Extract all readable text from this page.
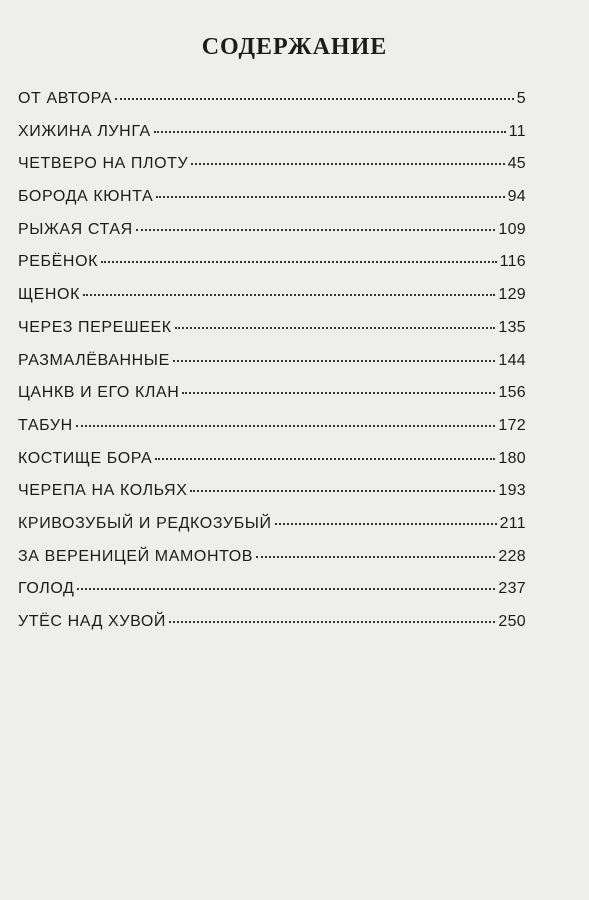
СОДЕРЖАНИЕ
ОТ АВТОРА	5
ХИЖИНА ЛУНГА	11
ЧЕТВЕРО НА ПЛОТУ	45
БОРОДА КЮНТА	94
РЫЖАЯ СТАЯ	109
РЕБЁНОК	116
ЩЕНОК	129
ЧЕРЕЗ ПЕРЕШЕЕК	135
РАЗМАЛЁВАННЫЕ	144
ЦАНКВ И ЕГО КЛАН	156
ТАБУН	172
КОСТИЩЕ БОРА	180
ЧЕРЕПА НА КОЛЬЯХ	193
КРИВОЗУБЫЙ И РЕДКОЗУБЫЙ	211
ЗА ВЕРЕНИЦЕЙ МАМОНТОВ	228
ГОЛОД	237
УТЁС НАД ХУВОЙ	250
